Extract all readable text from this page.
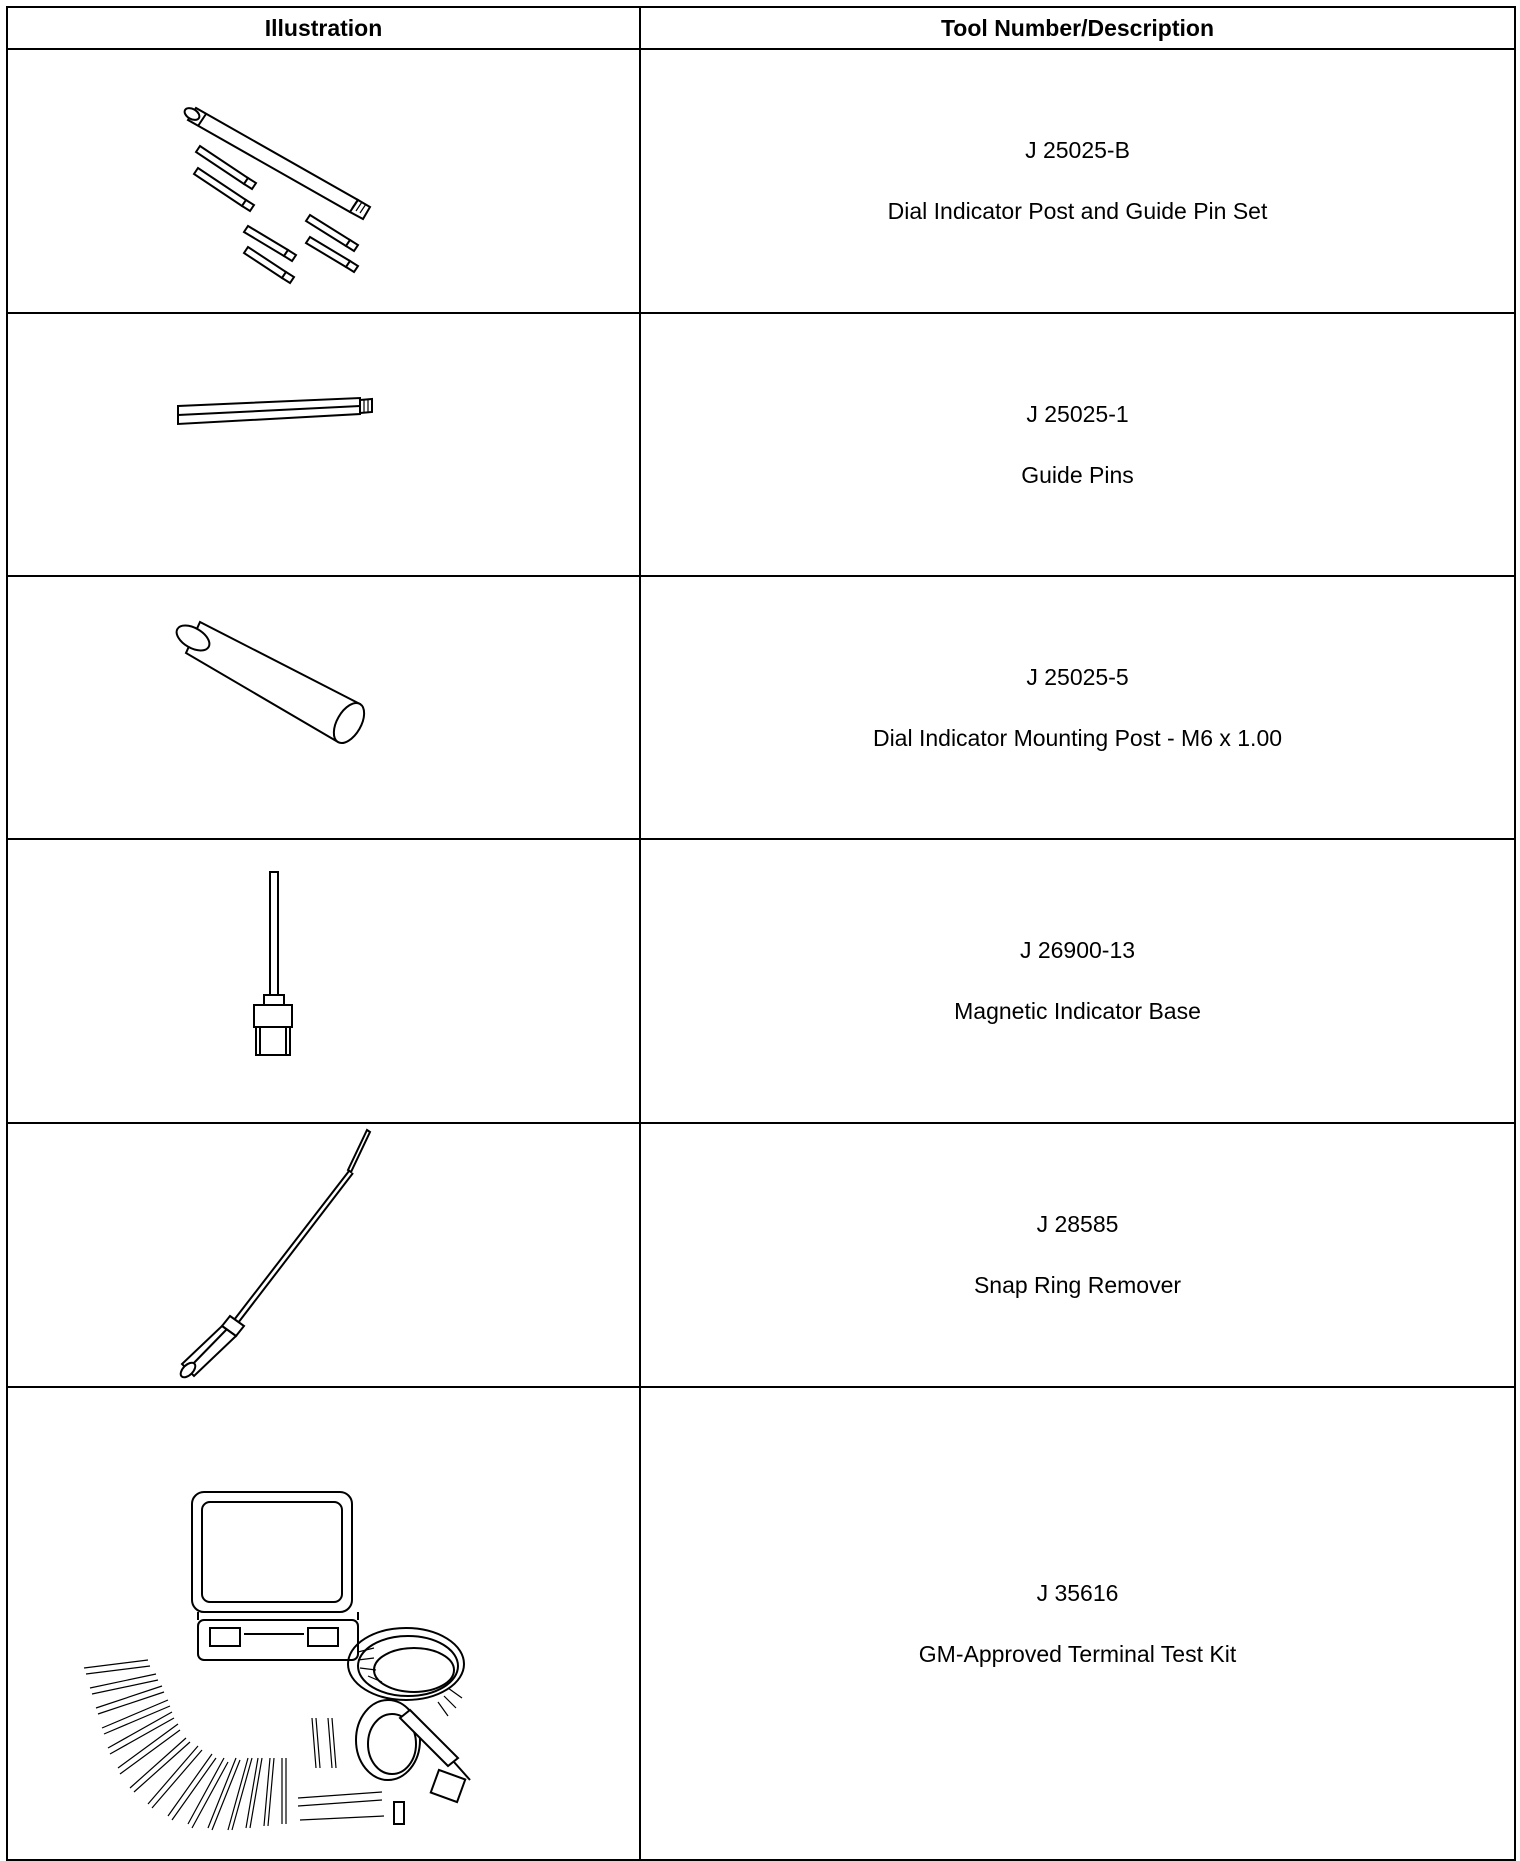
Illustration	Tool Number/Description

J 25025-B
Dial Indicator Post and Guide Pin Set

J 25025-1
Guide Pins

J 25025-5
Dial Indicator Mounting Post - M6 x 1.00

J 26900-13
Magnetic Indicator Base

J 28585
Snap Ring Remover

J 35616
GM-Approved Terminal Test Kit
